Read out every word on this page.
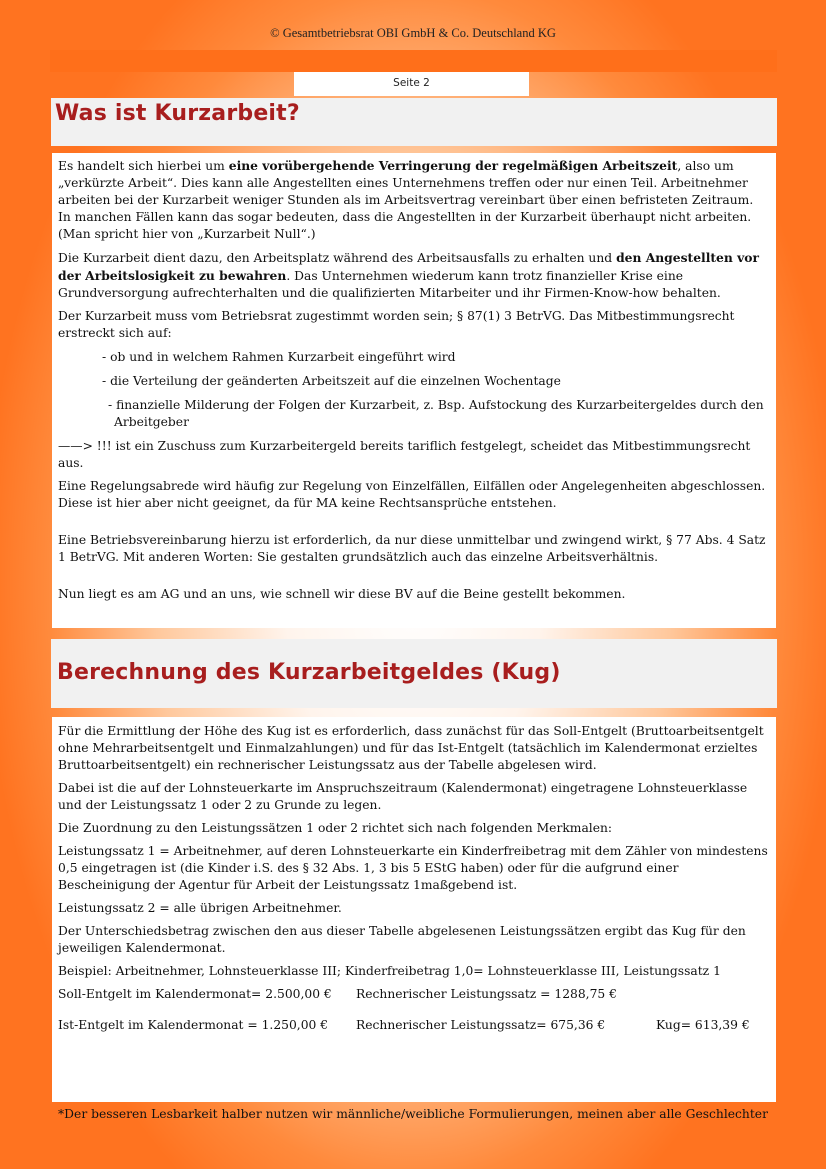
© Gesamtbetriebsrat OBI GmbH & Co. Deutschland KG
Seite 2
Was ist Kurzarbeit?

Es handelt sich hierbei um eine vorübergehende Verringerung der regelmäßigen Arbeitszeit, also um „verkürzte Arbeit“. Dies kann alle Angestellten eines Unternehmens treffen oder nur einen Teil. Arbeitnehmer arbeiten bei der Kurzarbeit weniger Stunden als im Arbeitsvertrag vereinbart über einen befristeten Zeitraum. In manchen Fällen kann das sogar bedeuten, dass die Angestellten in der Kurzarbeit überhaupt nicht arbeiten. (Man spricht hier von „Kurzarbeit Null“.)

Die Kurzarbeit dient dazu, den Arbeitsplatz während des Arbeitsausfalls zu erhalten und den Angestellten vor der Arbeitslosigkeit zu bewahren. Das Unternehmen wiederum kann trotz finanzieller Krise eine Grundversorgung aufrechterhalten und die qualifizierten Mitarbeiter und ihr Firmen-Know-how behalten.

Der Kurzarbeit muss vom Betriebsrat zugestimmt worden sein; § 87(1) 3 BetrVG. Das Mitbestimmungsrecht erstreckt sich auf:

- ob und in welchem Rahmen Kurzarbeit eingeführt wird
- die Verteilung der geänderten Arbeitszeit auf die einzelnen Wochentage
- finanzielle Milderung der Folgen der Kurzarbeit, z. Bsp. Aufstockung des Kurzarbeitergeldes durch den Arbeitgeber

——> !!! ist ein Zuschuss zum Kurzarbeitergeld bereits tariflich festgelegt, scheidet das Mitbestimmungsrecht aus.

Eine Regelungsabrede wird häufig zur Regelung von Einzelfällen, Eilfällen oder Angelegenheiten abgeschlossen. Diese ist hier aber nicht geeignet, da für MA keine Rechtsansprüche entstehen.

Eine Betriebsvereinbarung hierzu ist erforderlich, da nur diese unmittelbar und zwingend wirkt, § 77 Abs. 4 Satz 1 BetrVG. Mit anderen Worten: Sie gestalten grundsätzlich auch das einzelne Arbeitsverhältnis.

Nun liegt es am AG und an uns, wie schnell wir diese BV auf die Beine gestellt bekommen.

Berechnung des Kurzarbeitgeldes (Kug)

Für die Ermittlung der Höhe des Kug ist es erforderlich, dass zunächst für das Soll-Entgelt (Bruttoarbeitsentgelt ohne Mehrarbeitsentgelt und Einmalzahlungen) und für das Ist-Entgelt (tatsächlich im Kalendermonat erzieltes Bruttoarbeitsentgelt) ein rechnerischer Leistungssatz aus der Tabelle abgelesen wird.

Dabei ist die auf der Lohnsteuerkarte im Anspruchszeitraum (Kalendermonat) eingetragene Lohnsteuerklasse und der Leistungssatz 1 oder 2 zu Grunde zu legen.

Die Zuordnung zu den Leistungssätzen 1 oder 2 richtet sich nach folgenden Merkmalen:

Leistungssatz 1 = Arbeitnehmer, auf deren Lohnsteuerkarte ein Kinderfreibetrag mit dem Zähler von mindestens 0,5 eingetragen ist (die Kinder i.S. des § 32 Abs. 1, 3 bis 5 EStG haben) oder für die aufgrund einer Bescheinigung der Agentur für Arbeit der Leistungssatz 1maßgebend ist.

Leistungssatz 2 = alle übrigen Arbeitnehmer.

Der Unterschiedsbetrag zwischen den aus dieser Tabelle abgelesenen Leistungssätzen ergibt das Kug für den jeweiligen Kalendermonat.

Beispiel: Arbeitnehmer, Lohnsteuerklasse III; Kinderfreibetrag 1,0= Lohnsteuerklasse III, Leistungssatz 1

Soll-Entgelt im Kalendermonat= 2.500,00 €	Rechnerischer Leistungssatz = 1288,75 €
Ist-Entgelt im Kalendermonat = 1.250,00 €	Rechnerischer Leistungssatz= 675,36 €	Kug= 613,39 €
*Der besseren Lesbarkeit halber nutzen wir männliche/weibliche Formulierungen, meinen aber alle Geschlechter
